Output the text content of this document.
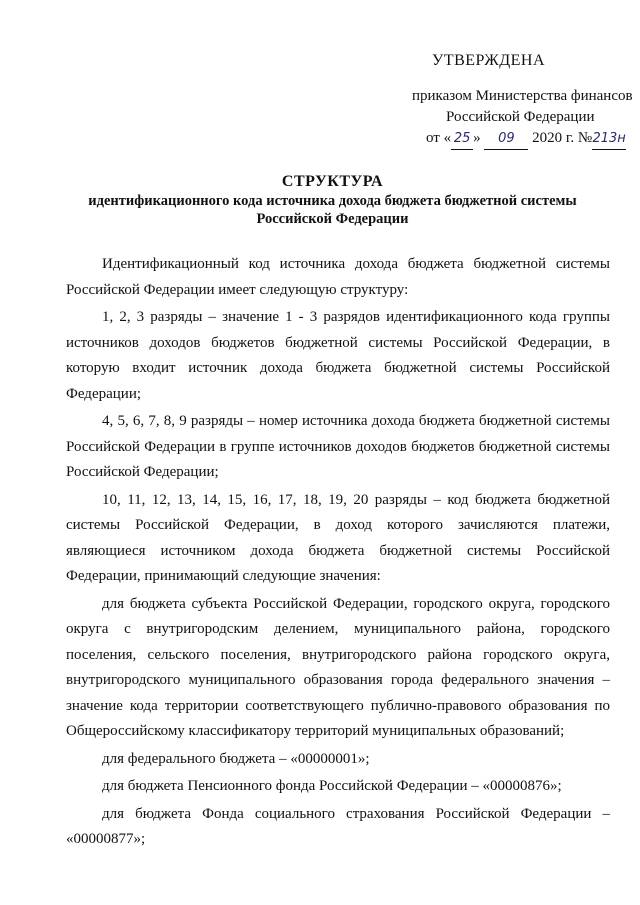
УТВЕРЖДЕНА
приказом Министерства финансов
Российской Федерации
от « 25 » 09 2020 г. №213н
СТРУКТУРА
идентификационного кода источника дохода бюджета бюджетной системы
Российской Федерации

Идентификационный код источника дохода бюджета бюджетной системы Российской Федерации имеет следующую структуру:

1, 2, 3 разряды – значение 1 - 3 разрядов идентификационного кода группы источников доходов бюджетов бюджетной системы Российской Федерации, в которую входит источник дохода бюджета бюджетной системы Российской Федерации;

4, 5, 6, 7, 8, 9 разряды – номер источника дохода бюджета бюджетной системы Российской Федерации в группе источников доходов бюджетов бюджетной системы Российской Федерации;

10, 11, 12, 13, 14, 15, 16, 17, 18, 19, 20 разряды – код бюджета бюджетной системы Российской Федерации, в доход которого зачисляются платежи, являющиеся источником дохода бюджета бюджетной системы Российской Федерации, принимающий следующие значения:

для бюджета субъекта Российской Федерации, городского округа, городского округа с внутригородским делением, муниципального района, городского поселения, сельского поселения, внутригородского района городского округа, внутригородского муниципального образования города федерального значения – значение кода территории соответствующего публично-правового образования по Общероссийскому классификатору территорий муниципальных образований;

для федерального бюджета – «00000001»;

для бюджета Пенсионного фонда Российской Федерации – «00000876»;

для бюджета Фонда социального страхования Российской Федерации – «00000877»;
